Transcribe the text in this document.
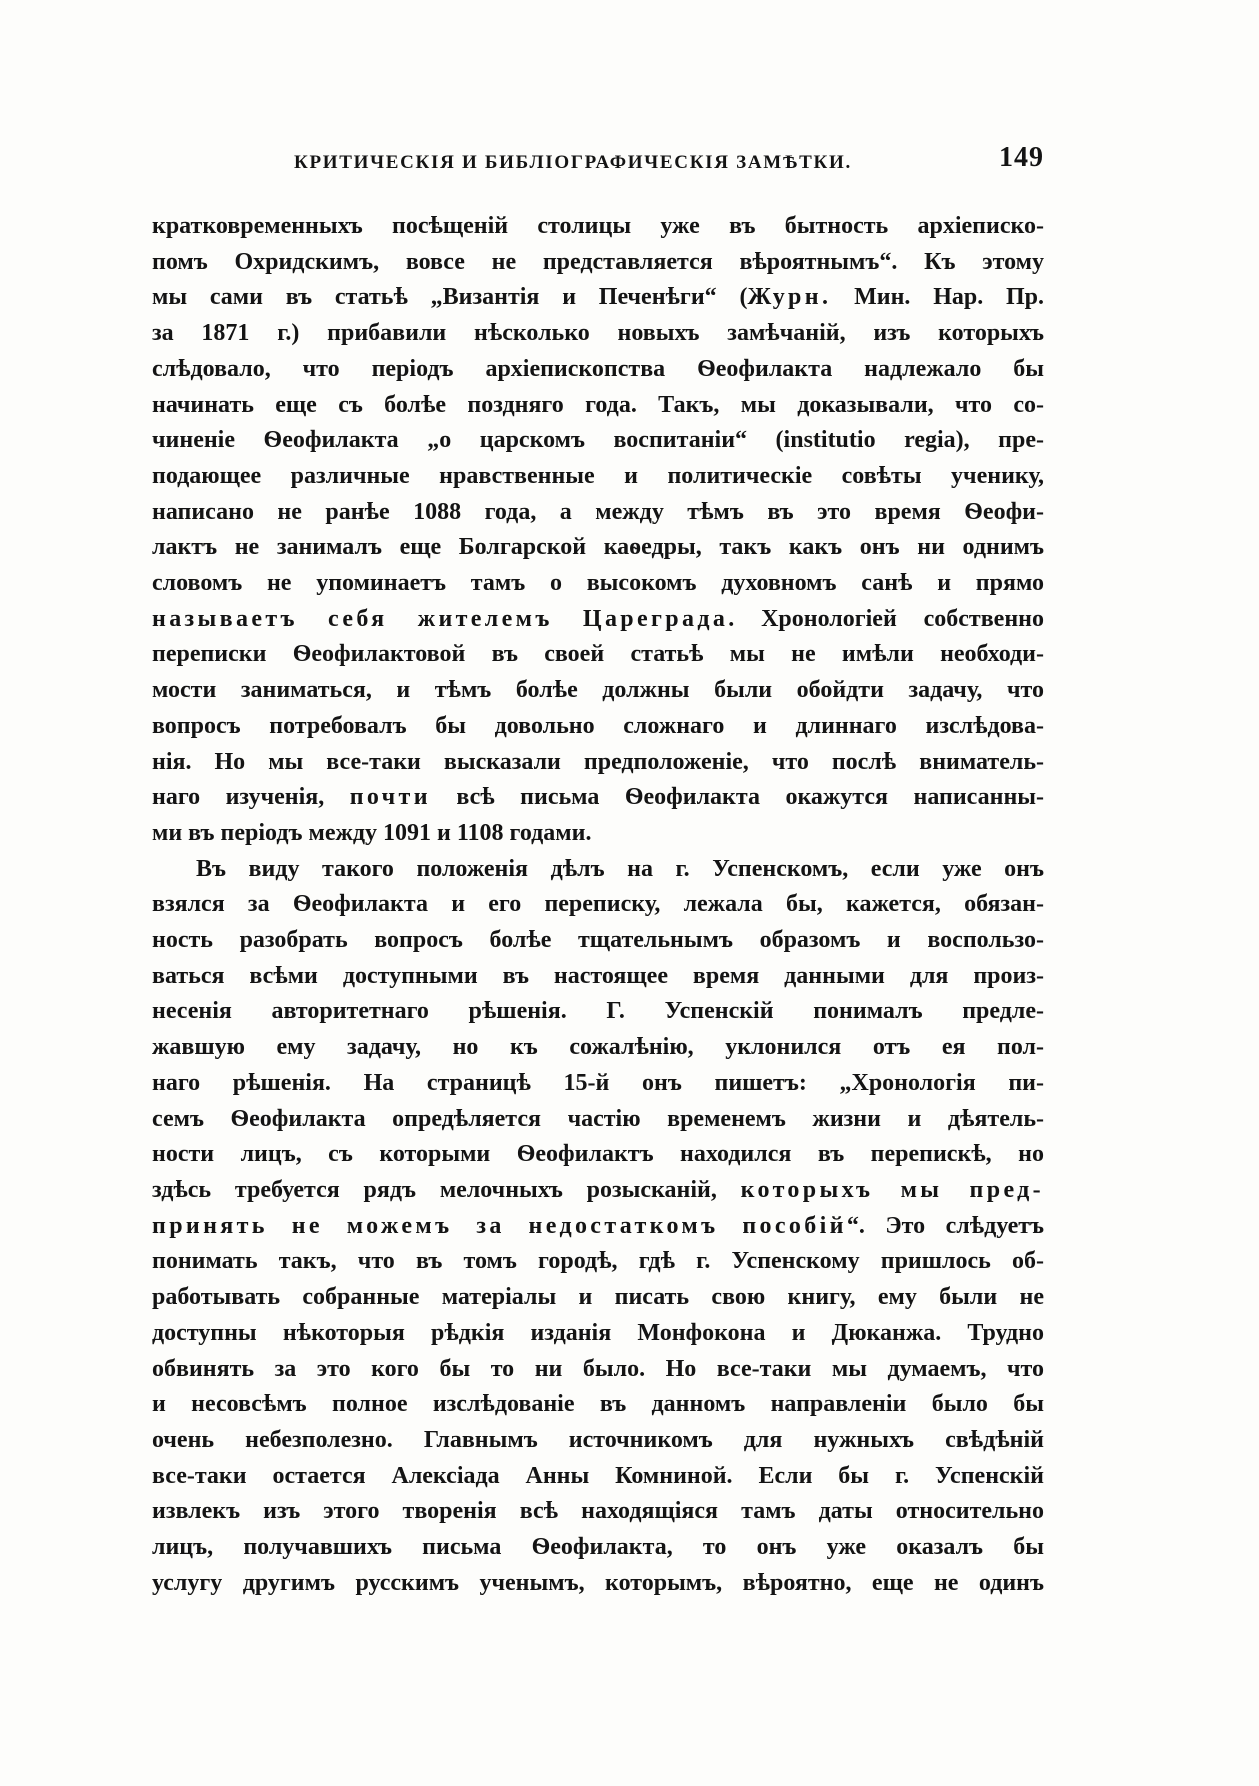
КРИТИЧЕСКІЯ И БИБЛІОГРАФИЧЕСКІЯ ЗАМѢТКИ.	149
кратковременныхъ посѣщеній столицы уже въ бытность архіеписко-
помъ Охридскимъ, вовсе не представляется вѣроятнымъ“. Къ этому
мы сами въ статьѣ „Византія и Печенѣги“ (Журн. Мин. Нар. Пр.
за 1871 г.) прибавили нѣсколько новыхъ замѣчаній, изъ которыхъ
слѣдовало, что періодъ архіепископства Ѳеофилакта надлежало бы
начинать еще съ болѣе поздняго года. Такъ, мы доказывали, что со-
чиненіе Ѳеофилакта „о царскомъ воспитаніи“ (institutio regia), пре-
подающее различные нравственные и политическіе совѣты ученику,
написано не ранѣе 1088 года, а между тѣмъ въ это время Ѳеофи-
лактъ не занималъ еще Болгарской каѳедры, такъ какъ онъ ни однимъ
словомъ не упоминаетъ тамъ о высокомъ духовномъ санѣ и прямо
называетъ себя жителемъ Цареграда. Хронологіей собственно
переписки Ѳеофилактовой въ своей статьѣ мы не имѣли необходи-
мости заниматься, и тѣмъ болѣе должны были обойдти задачу, что
вопросъ потребовалъ бы довольно сложнаго и длиннаго изслѣдова-
нія. Но мы все-таки высказали предположеніе, что послѣ вниматель-
наго изученія, почти всѣ письма Ѳеофилакта окажутся написанны-
ми въ періодъ между 1091 и 1108 годами.
Въ виду такого положенія дѣлъ на г. Успенскомъ, если уже онъ
взялся за Ѳеофилакта и его переписку, лежала бы, кажется, обязан-
ность разобрать вопросъ болѣе тщательнымъ образомъ и воспользо-
ваться всѣми доступными въ настоящее время данными для произ-
несенія авторитетнаго рѣшенія. Г. Успенскій понималъ предле-
жавшую ему задачу, но къ сожалѣнію, уклонился отъ ея пол-
наго рѣшенія. На страницѣ 15-й онъ пишетъ: „Хронологія пи-
семъ Ѳеофилакта опредѣляется частію временемъ жизни и дѣятель-
ности лицъ, съ которыми Ѳеофилактъ находился въ перепискѣ, но
здѣсь требуется рядъ мелочныхъ розысканій, которыхъ мы пред-
принять не можемъ за недостаткомъ пособій“. Это слѣдуетъ
понимать такъ, что въ томъ городѣ, гдѣ г. Успенскому пришлось об-
работывать собранные матеріалы и писать свою книгу, ему были не
доступны нѣкоторыя рѣдкія изданія Монфокона и Дюканжа. Трудно
обвинять за это кого бы то ни было. Но все-таки мы думаемъ, что
и несовсѣмъ полное изслѣдованіе въ данномъ направленіи было бы
очень небезполезно. Главнымъ источникомъ для нужныхъ свѣдѣній
все-таки остается Алексіада Анны Комниной. Если бы г. Успенскій
извлекъ изъ этого творенія всѣ находящіяся тамъ даты относительно
лицъ, получавшихъ письма Ѳеофилакта, то онъ уже оказалъ бы
услугу другимъ русскимъ ученымъ, которымъ, вѣроятно, еще не одинъ
